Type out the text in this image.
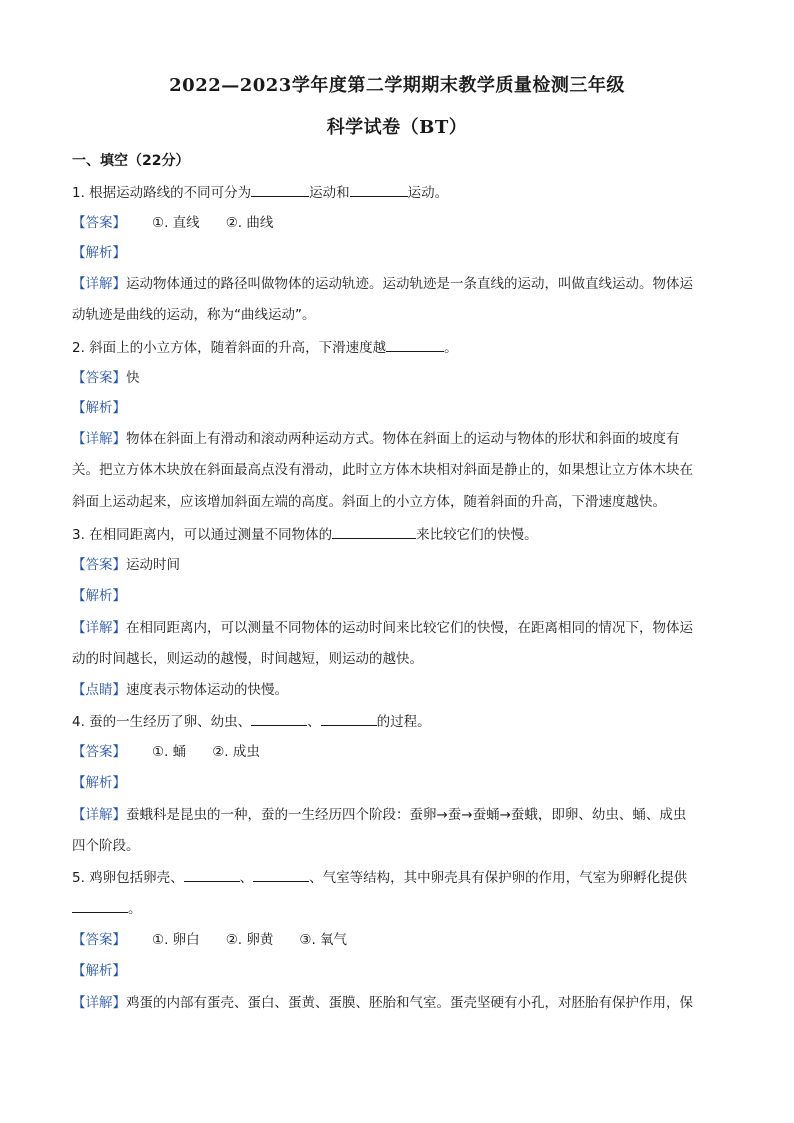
2022—2023学年度第二学期期末教学质量检测三年级
科学试卷（BT）
一、填空（22分）
1. 根据运动路线的不同可分为	运动和	运动。
【答案】 ①. 直线 ②. 曲线
【解析】
【详解】运动物体通过的路径叫做物体的运动轨迹。运动轨迹是一条直线的运动，叫做直线运动。物体运
动轨迹是曲线的运动，称为“曲线运动”。
2. 斜面上的小立方体，随着斜面的升高，下滑速度越	。
【答案】快
【解析】
【详解】物体在斜面上有滑动和滚动两种运动方式。物体在斜面上的运动与物体的形状和斜面的坡度有
关。把立方体木块放在斜面最高点没有滑动，此时立方体木块相对斜面是静止的，如果想让立方体木块在
斜面上运动起来，应该增加斜面左端的高度。斜面上的小立方体，随着斜面的升高，下滑速度越快。
3. 在相同距离内，可以通过测量不同物体的	来比较它们的快慢。
【答案】运动时间
【解析】
【详解】在相同距离内，可以测量不同物体的运动时间来比较它们的快慢，在距离相同的情况下，物体运
动的时间越长，则运动的越慢，时间越短，则运动的越快。
【点睛】速度表示物体运动的快慢。
4. 蚕的一生经历了卵、幼虫、	、	的过程。
【答案】 ①. 蛹 ②. 成虫
【解析】
【详解】蚕蛾科是昆虫的一种，蚕的一生经历四个阶段：蚕卵→蚕→蚕蛹→蚕蛾，即卵、幼虫、蛹、成虫
四个阶段。
5. 鸡卵包括卵壳、	、	、气室等结构，其中卵壳具有保护卵的作用，气室为卵孵化提供
。
【答案】 ①. 卵白 ②. 卵黄 ③. 氧气
【解析】
【详解】鸡蛋的内部有蛋壳、蛋白、蛋黄、蛋膜、胚胎和气室。蛋壳坚硬有小孔，对胚胎有保护作用，保
